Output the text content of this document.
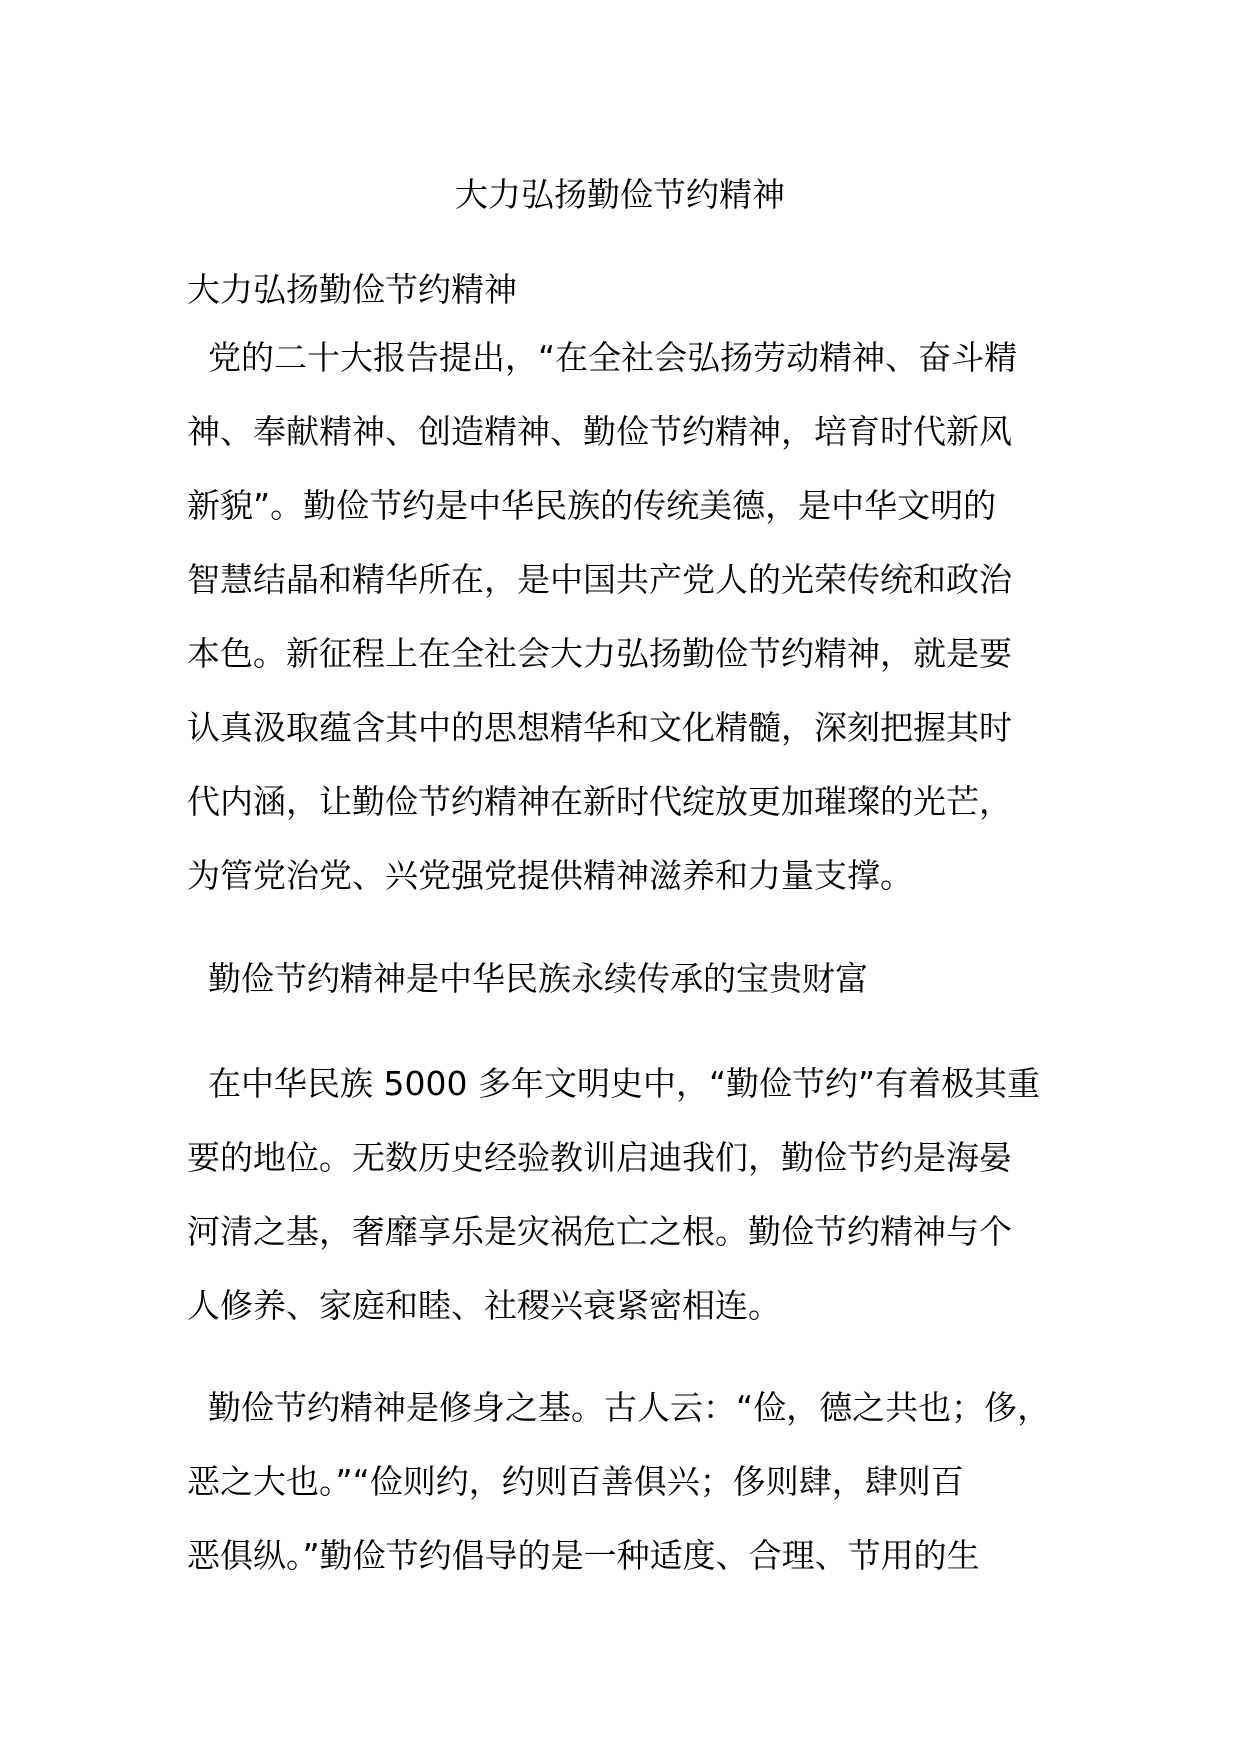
大力弘扬勤俭节约精神
大力弘扬勤俭节约精神

党的二十大报告提出，“在全社会弘扬劳动精神、奋斗精
神、奉献精神、创造精神、勤俭节约精神，培育时代新风
新貌”。勤俭节约是中华民族的传统美德，是中华文明的
智慧结晶和精华所在，是中国共产党人的光荣传统和政治
本色。新征程上在全社会大力弘扬勤俭节约精神，就是要
认真汲取蕴含其中的思想精华和文化精髓，深刻把握其时
代内涵，让勤俭节约精神在新时代绽放更加璀璨的光芒，
为管党治党、兴党强党提供精神滋养和力量支撑。

勤俭节约精神是中华民族永续传承的宝贵财富

在中华民族 5000 多年文明史中，“勤俭节约”有着极其重
要的地位。无数历史经验教训启迪我们，勤俭节约是海晏
河清之基，奢靡享乐是灾祸危亡之根。勤俭节约精神与个
人修养、家庭和睦、社稷兴衰紧密相连。

勤俭节约精神是修身之基。古人云：“俭，德之共也；侈，
恶之大也。”“俭则约，约则百善俱兴；侈则肆，肆则百
恶俱纵。”勤俭节约倡导的是一种适度、合理、节用的生
